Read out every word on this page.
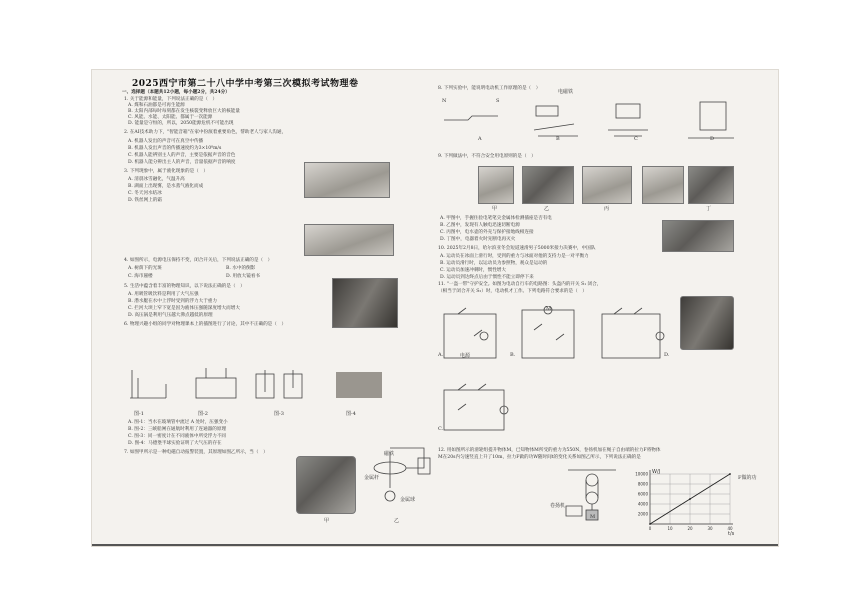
2025西宁市第二十八中学中考第三次模拟考试物理卷
一、选择题（本题共12小题，每小题2分，共24分）
1. 关于能源和能量，下列说法正确的是（　）
A. 煤和石油都是可再生能源
B. 太阳内部每时每刻都在发生核裂变释放巨大的核能量
C. 风能、水能、太阳能、都属于一次能源
D. 能量是守恒的，所以，2050能源危机不可能出现
2. 在AI技术助力下，"智能音箱"在家中扮演着重要角色，帮助老人与家人沟通，
A. 机器人发出的声音可在真空中传播
B. 机器人发出声音的传播速度约为3×10⁸m/s
C. 机器人能辨别主人的声音，主要是依据声音的音色
D. 机器人能分辨出主人的声音，音量依据声音的响度
3. 下列现象中，属于液化现象的是（　）
A. 清晨冰雪融化，气温升高
B. 湖面上出现雾，是水蒸气液化而成
C. 冬天河水结冰
D. 铁丝网上的霜
4. 如图所示，电源电压保持不变，闭合开关后，下列说法正确的是（　）
A. 树荫下的光斑	B. 水中的倒影
C. 海市蜃楼	D. 用放大镜看书
5. 生活中蕴含着丰富的物理知识，以下说法正确的是（　）
A. 用吸管吸饮料是利用了大气压强
B. 潜水艇在水中上浮时受到的浮力大于重力
C. 拦河大坝上窄下宽是因为液体压强随深度增大而增大
D. 高压锅是利用气压越大沸点越低的原理
6. 物理兴趣小组的同学对物理课本上的插图进行了讨论，其中不正确的是（　）
图-1	图-2	图-3	图-4
A. 图-1：当水在玻璃管中流过 A 处时，压强变小
B. 图-2：三峡船闸在通航时利用了连通器的原理
C. 图-3：同一密度计在不同液体中所受浮力不同
D. 图-4：马德堡半球实验证明了大气压的存在
7. 如图甲所示是一种电磁自动报警装置，其原理如图乙所示，当（　）	磁铁
金属杆
金属球
甲	乙
8. 下列实验中，能说明电动机工作原理的是（　）
N	S
电磁铁
A	B	C	D
9. 下列做法中，不符合安全用电原则的是（　）
甲	乙	丙	丁
A. 甲图中，手握住验电笔笔尖金属体检测插座是否有电
B. 乙图中，发现有人触电迅速切断电源
C. 丙图中，电水壶的外壳与保护接地线相连接
D. 丁图中，电器着火时先断电再灭火
10. 2025年2月8日，哈尔滨亚冬会短道速滑男子5000米接力决赛中，中国队
A. 运动员在冰面上滑行时，受到的重力与冰面对他的支持力是一对平衡力
B. 运动员滑行时，以运动员为参照物，观众是运动的
C. 运动员加速冲刺时，惯性增大
D. 运动员到达终点后由于惯性不能立即停下来
11. "一盔一带"守护安全。如图为电动自行车的电路图：头盔内的开关 S₁ 闭合，
（相当于闭合开关 S₂）时，电动机才工作。下列电路符合要求的是（　）
A.	B.
C.
D.
电源
M
12. 用如图所示的滑轮组提升物体M，已知物体M所受的重力为550N，卷扬机加在绳子自由端的拉力F将物体
M在20s内匀速竖直上升了10m，拉力F做的功W随时间t的变化关系如图乙所示，下列说法正确的是
卷扬机
M	2000
4000
6000
8000
10000
0	10	20	30	40
W/J
t/s
F做的功
